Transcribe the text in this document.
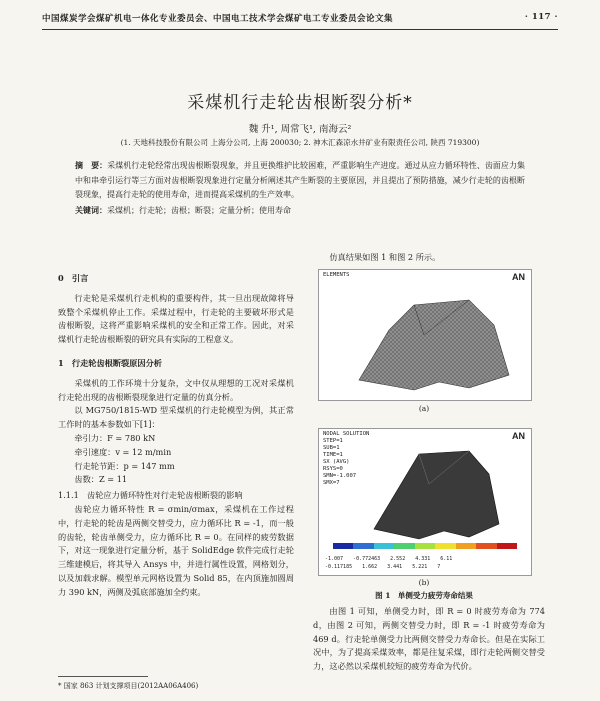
中国煤炭学会煤矿机电一体化专业委员会、中国电工技术学会煤矿电工专业委员会论文集	· 117 ·
采煤机行走轮齿根断裂分析*
魏 升¹, 周常飞¹, 南海云²
(1. 天地科技股份有限公司 上海分公司, 上海 200030; 2. 神木汇森凉水井矿业有限责任公司, 陕西 719300)
摘　要：采煤机行走轮经常出现齿根断裂现象，并且更换维护比较困难，严重影响生产进度。通过从应力循环特性、齿面应力集中和串牵引运行等三方面对齿根断裂现象进行定量分析阐述其产生断裂的主要原因，并且提出了预防措施，减少行走轮的齿根断裂现象，提高行走轮的使用寿命，进而提高采煤机的生产效率。
关键词：采煤机；行走轮；齿根；断裂；定量分析；使用寿命
0　引言

行走轮是采煤机行走机构的重要构件，其一旦出现故障将导致整个采煤机停止工作。采煤过程中，行走轮的主要破坏形式是齿根断裂，这将严重影响采煤机的安全和正常工作。因此，对采煤机行走轮齿根断裂的研究具有实际的工程意义。

1　行走轮齿根断裂原因分析

采煤机的工作环境十分复杂，文中仅从理想的工况对采煤机行走轮出现的齿根断裂现象进行定量的仿真分析。

以 MG750/1815-WD 型采煤机的行走轮模型为例，其正常工作时的基本参数如下[1]：

牵引力：F = 780 kN

牵引速度：v = 12 m/min

行走轮节距：p = 147 mm

齿数：Z = 11

1.1.1　齿轮应力循环特性对行走轮齿根断裂的影响

齿轮应力循环特性 R = σmin/σmax，采煤机在工作过程中，行走轮的轮齿是两侧交替受力，应力循环比 R = -1，而一般的齿轮，轮齿单侧受力，应力循环比 R = 0。在同样的疲劳数据下，对这一现象进行定量分析，基于 SolidEdge 软件完成行走轮三维建模后，将其导入 Ansys 中，并进行属性设置，网格划分，以及加载求解。模型单元网格设置为 Solid 85，在内顶施加圆周力 390 kN，两侧及弧底部施加全约束。

仿真结果如图 1 和图 2 所示。

ELEMENTS	AN
(a)
NODAL SOLUTION
STEP=1
SUB=1
TIME=1
SX (AVG)
RSYS=0
SMN=-1.007
SMX=7
AN
-1.007　　-0.772463　　2.552　　4.331　　6.11
-0.117185　　1.662　　3.441　　5.221　　7
(b)
图 1　单侧受力疲劳寿命结果

由图 1 可知，单侧受力时，即 R = 0 时疲劳寿命为 774 d，由图 2 可知，两侧交替受力时，即 R = -1 时疲劳寿命为 469 d。行走轮单侧受力比两侧交替受力寿命长。但是在实际工况中，为了提高采煤效率，都是往复采煤，即行走轮两侧交替受力，这必然以采煤机较短的疲劳寿命为代价。

* 国家 863 计划支撑项目(2012AA06A406)
